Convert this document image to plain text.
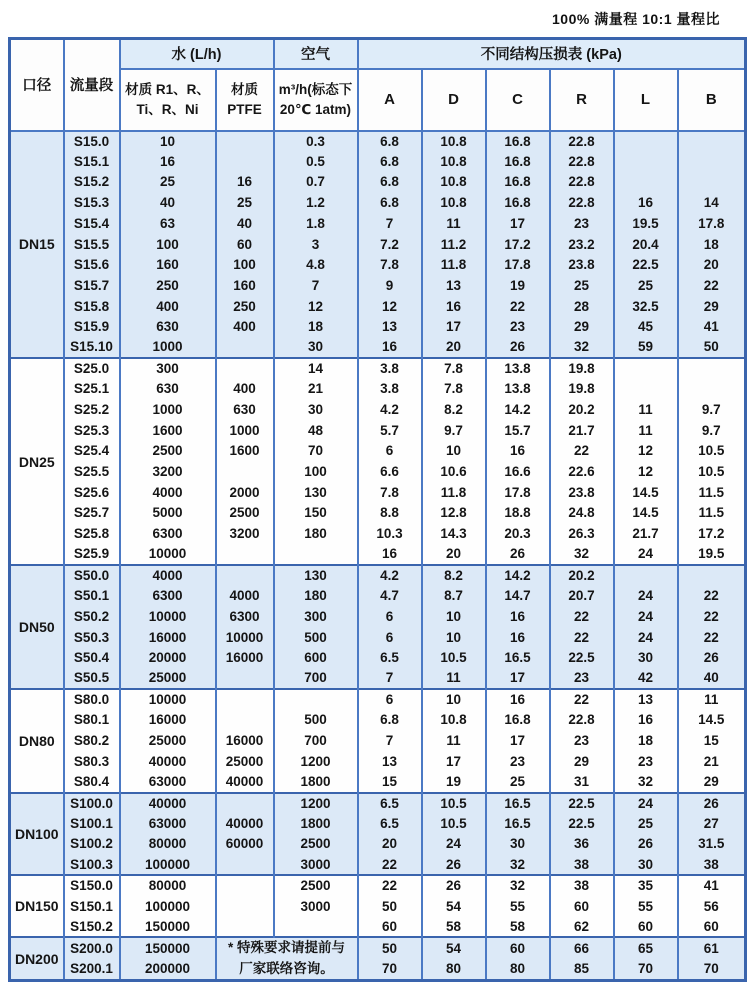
100% 满量程 10:1 量程比
口径	流量段	水 (L/h)		空气	不同结构压损表 (kPa)					
		材质 R1、R、Ti、R、Ni	材质 PTFE	m³/h(标态下20℃ 1atm)	A	D	C	R	L	B
DN15	S15.0	10		0.3	6.8	10.8	16.8	22.8		
	S15.1	16		0.5	6.8	10.8	16.8	22.8		
	S15.2	25	16	0.7	6.8	10.8	16.8	22.8		
	S15.3	40	25	1.2	6.8	10.8	16.8	22.8	16	14
	S15.4	63	40	1.8	7	11	17	23	19.5	17.8
	S15.5	100	60	3	7.2	11.2	17.2	23.2	20.4	18
	S15.6	160	100	4.8	7.8	11.8	17.8	23.8	22.5	20
	S15.7	250	160	7	9	13	19	25	25	22
	S15.8	400	250	12	12	16	22	28	32.5	29
	S15.9	630	400	18	13	17	23	29	45	41
	S15.10	1000		30	16	20	26	32	59	50
DN25	S25.0	300		14	3.8	7.8	13.8	19.8		
	S25.1	630	400	21	3.8	7.8	13.8	19.8		
	S25.2	1000	630	30	4.2	8.2	14.2	20.2	11	9.7
	S25.3	1600	1000	48	5.7	9.7	15.7	21.7	11	9.7
	S25.4	2500	1600	70	6	10	16	22	12	10.5
	S25.5	3200		100	6.6	10.6	16.6	22.6	12	10.5
	S25.6	4000	2000	130	7.8	11.8	17.8	23.8	14.5	11.5
	S25.7	5000	2500	150	8.8	12.8	18.8	24.8	14.5	11.5
	S25.8	6300	3200	180	10.3	14.3	20.3	26.3	21.7	17.2
	S25.9	10000			16	20	26	32	24	19.5
DN50	S50.0	4000		130	4.2	8.2	14.2	20.2		
	S50.1	6300	4000	180	4.7	8.7	14.7	20.7	24	22
	S50.2	10000	6300	300	6	10	16	22	24	22
	S50.3	16000	10000	500	6	10	16	22	24	22
	S50.4	20000	16000	600	6.5	10.5	16.5	22.5	30	26
	S50.5	25000		700	7	11	17	23	42	40
DN80	S80.0	10000			6	10	16	22	13	11
	S80.1	16000		500	6.8	10.8	16.8	22.8	16	14.5
	S80.2	25000	16000	700	7	11	17	23	18	15
	S80.3	40000	25000	1200	13	17	23	29	23	21
	S80.4	63000	40000	1800	15	19	25	31	32	29
DN100	S100.0	40000		1200	6.5	10.5	16.5	22.5	24	26
	S100.1	63000	40000	1800	6.5	10.5	16.5	22.5	25	27
	S100.2	80000	60000	2500	20	24	30	36	26	31.5
	S100.3	100000		3000	22	26	32	38	30	38
DN150	S150.0	80000		2500	22	26	32	38	35	41
	S150.1	100000		3000	50	54	55	60	55	56
	S150.2	150000			60	58	58	62	60	60
DN200	S200.0	150000	* 特殊要求请提前与厂家联络咨询。		50	54	60	66	65	61
	S200.1	200000			70	80	80	85	70	70
